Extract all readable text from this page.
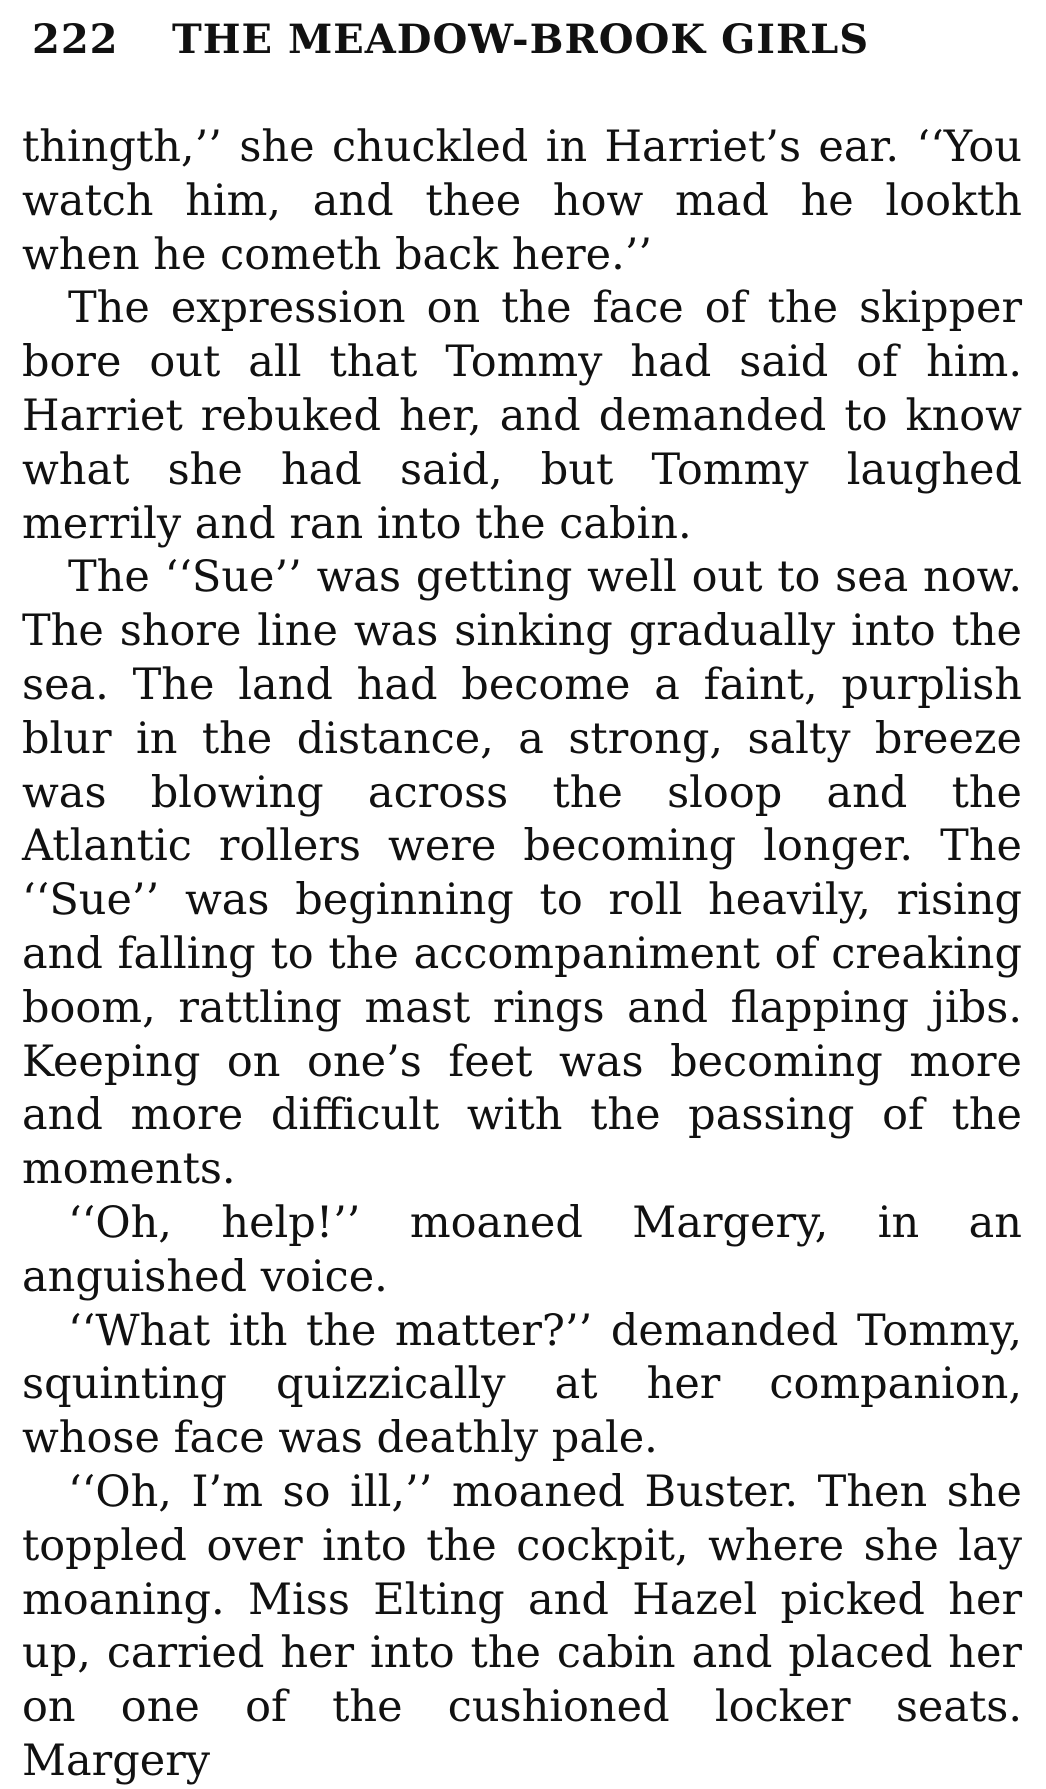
222 THE MEADOW-BROOK GIRLS

thingth,’’ she chuckled in Harriet’s ear. ‘‘You watch him, and thee how mad he lookth when he cometh back here.’’

The expression on the face of the skipper bore out all that Tommy had said of him. Harriet rebuked her, and demanded to know what she had said, but Tommy laughed merrily and ran into the cabin.

The ‘‘Sue’’ was getting well out to sea now. The shore line was sinking gradually into the sea. The land had become a faint, purplish blur in the distance, a strong, salty breeze was blowing across the sloop and the Atlantic rollers were becoming longer. The ‘‘Sue’’ was beginning to roll heavily, rising and falling to the accompaniment of creaking boom, rattling mast rings and flapping jibs. Keeping on one’s feet was becoming more and more difficult with the passing of the moments.

‘‘Oh, help!’’ moaned Margery, in an anguished voice.

‘‘What ith the matter?’’ demanded Tommy, squinting quizzically at her companion, whose face was deathly pale.

‘‘Oh, I’m so ill,’’ moaned Buster. Then she toppled over into the cockpit, where she lay moaning. Miss Elting and Hazel picked her up, carried her into the cabin and placed her on one of the cushioned locker seats. Margery
